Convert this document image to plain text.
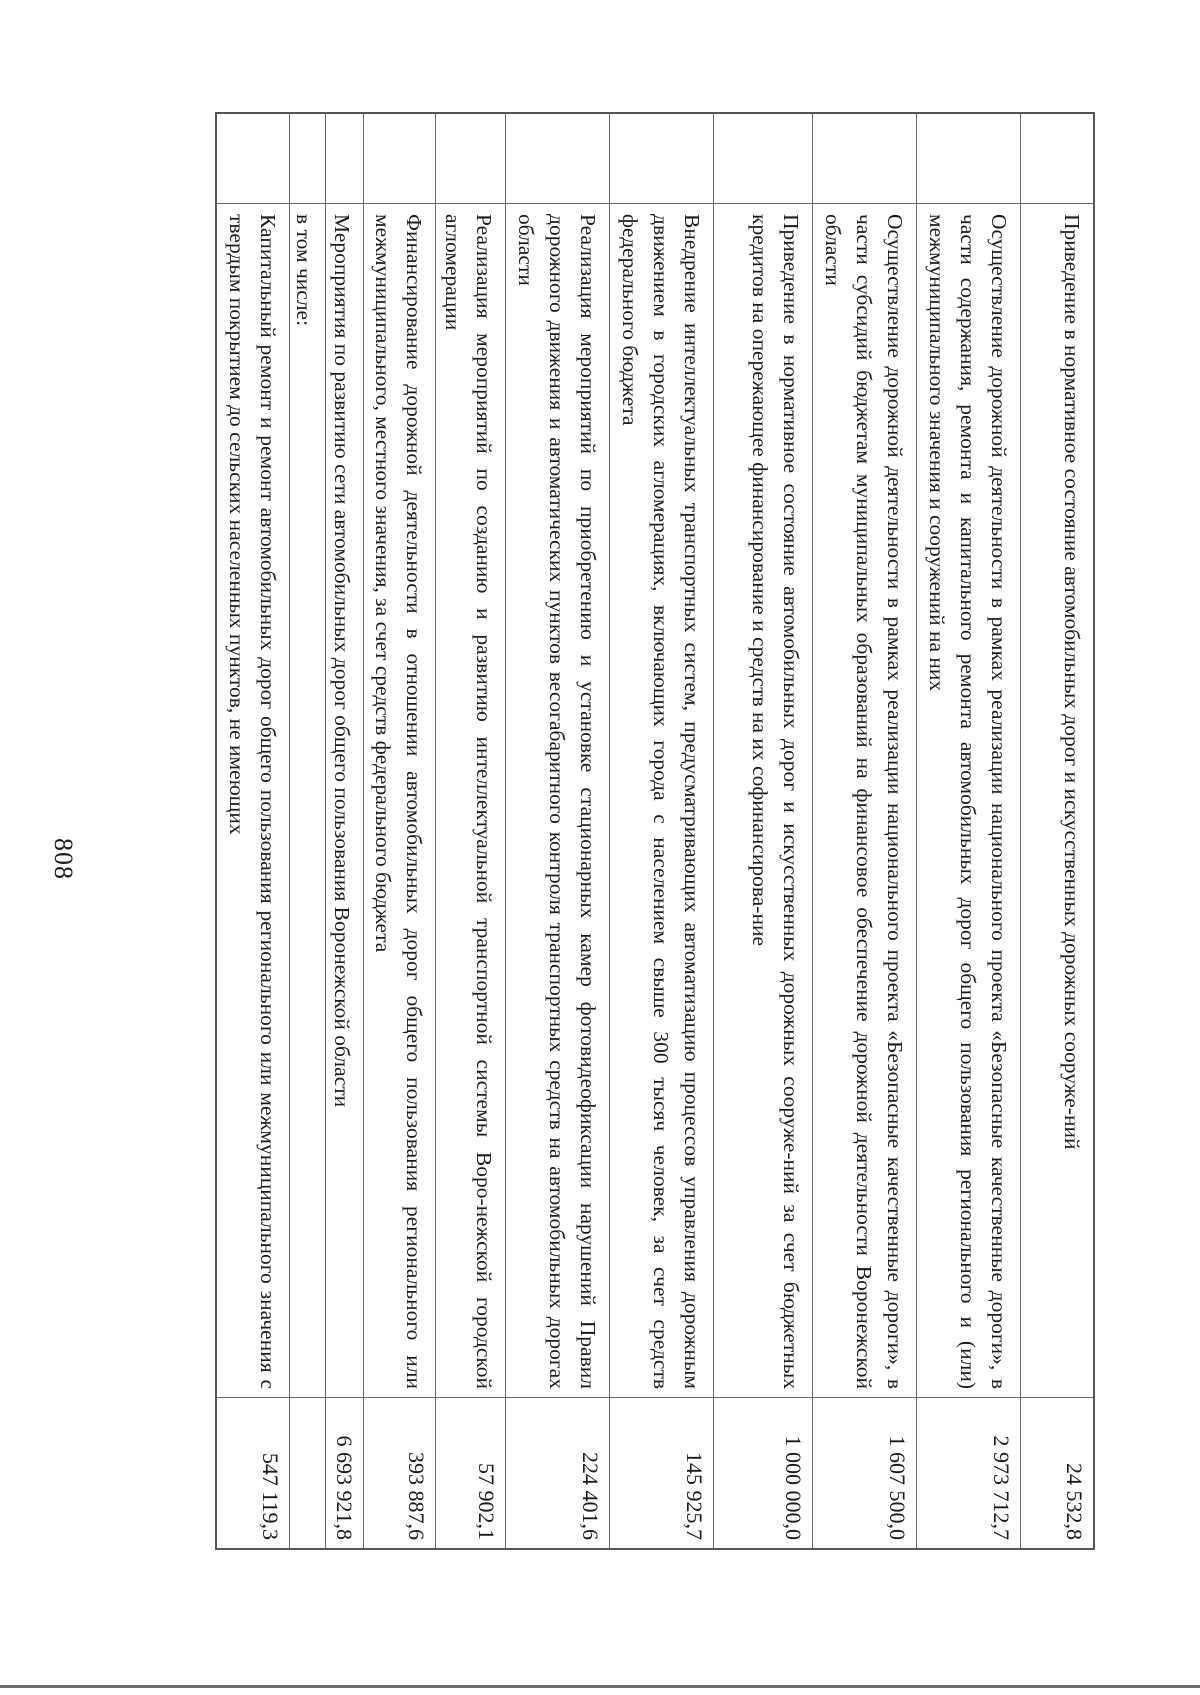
808	Приведение в нормативное состояние автомобильных дорог и искусственных дорожных сооруже-ний
24 532,8
Осуществление дорожной деятельности в рамках реализации национального проекта «Безопасные качественные дороги», в части содержания, ремонта и капитального ремонта автомобильных дорог общего пользования регионального и (или) межмуниципального значения и сооружений на них
2 973 712,7
Осуществление дорожной деятельности в рамках реализации национального проекта «Безопасные качественные дороги», в части субсидий бюджетам муниципальных образований на финансовое обеспечение дорожной деятельности Воронежской области
1 607 500,0
Приведение в нормативное состояние автомобильных дорог и искусственных дорожных сооруже-ний за счет бюджетных кредитов на опережающее финансирование и средств на их софинансирова-ние
1 000 000,0
Внедрение интеллектуальных транспортных систем, предусматривающих автоматизацию процессов управления дорожным движением в городских агломерациях, включающих города с населением свыше 300 тысяч человек, за счет средств федерального бюджета
145 925,7
Реализация мероприятий по приобретению и установке стационарных камер фотовидеофиксации нарушений Правил дорожного движения и автоматических пунктов весогабаритного контроля транспортных средств на автомобильных дорогах области
224 401,6
Реализация мероприятий по созданию и развитию интеллектуальной транспортной системы Воро-нежской городской агломерации
57 902,1
Финансирование дорожной деятельности в отношении автомобильных дорог общего пользования регионального или межмуниципального, местного значения, за счет средств федерального бюджета
393 887,6
Мероприятия по развитию сети автомобильных дорог общего пользования Воронежской области
6 693 921,8
в том числе:
Капитальный ремонт и ремонт автомобильных дорог общего пользования регионального или межмуниципального значения с твердым покрытием до сельских населенных пунктов, не имеющих
547 119,3
